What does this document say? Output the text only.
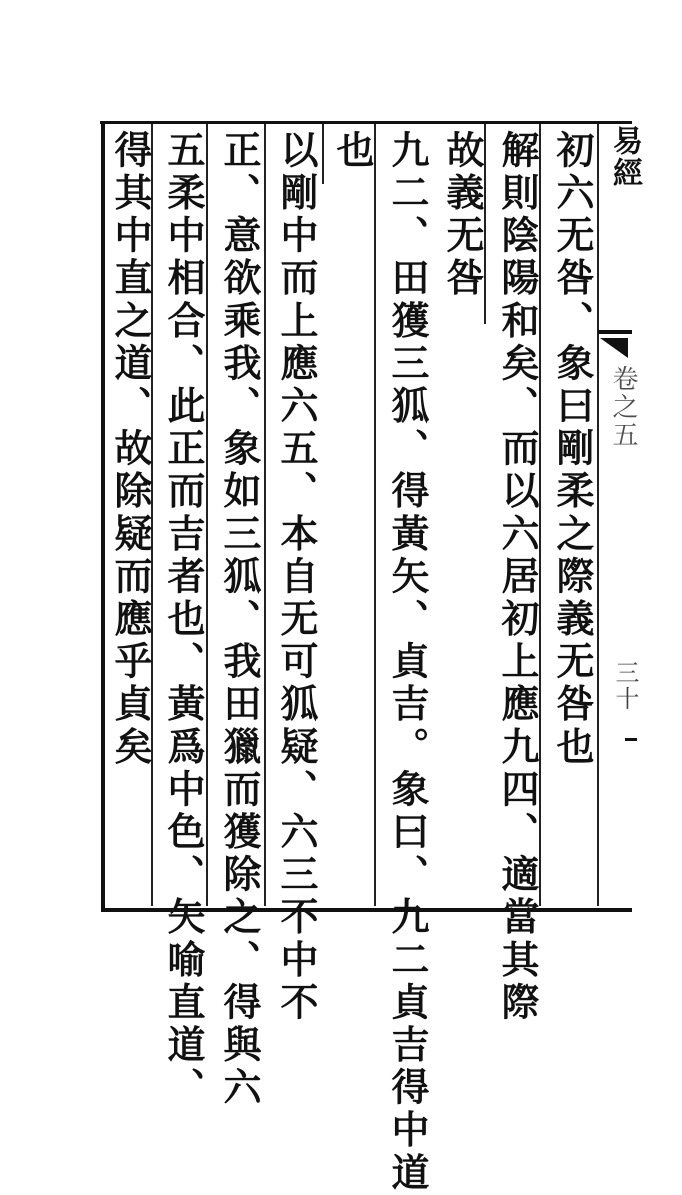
易經
卷之五
三十
初六无咎、象曰剛柔之際義无咎也
解則陰陽和矣、而以六居初上應九四、適當其際
故義无咎
九二、田獲三狐、得黃矢、貞吉。象曰、九二貞吉得中道
也
以剛中而上應六五、本自无可狐疑、六三不中不
正、意欲乘我、象如三狐、我田獵而獲除之、得與六
五柔中相合、此正而吉者也、黃爲中色、矢喻直道、
得其中直之道、故除疑而應乎貞矣
